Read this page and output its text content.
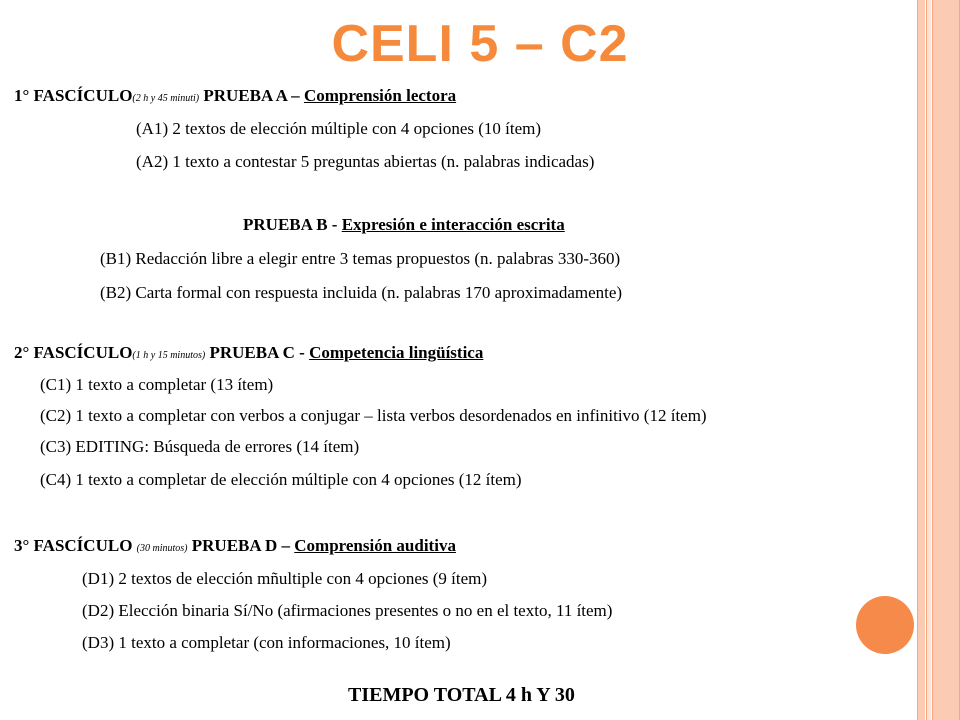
CELI 5 – C2
1° FASCÍCULO(2 h y 45 minuti) PRUEBA A – Comprensión lectora
(A1) 2 textos de elección múltiple con 4 opciones (10 ítem)
(A2) 1 texto a contestar 5 preguntas abiertas (n. palabras indicadas)
PRUEBA B - Expresión e interacción escrita
(B1) Redacción libre a elegir entre 3 temas propuestos (n. palabras 330-360)
(B2) Carta formal con respuesta incluida (n. palabras 170 aproximadamente)
2° FASCÍCULO(1 h y 15 minutos) PRUEBA C - Competencia lingüística
(C1) 1 texto a completar (13 ítem)
(C2) 1 texto a completar con verbos a conjugar – lista verbos desordenados en infinitivo (12 ítem)
(C3) EDITING: Búsqueda de errores (14 ítem)
(C4) 1 texto a completar de elección múltiple con 4 opciones (12 ítem)
3° FASCÍCULO (30 minutos) PRUEBA D – Comprensión auditiva
(D1) 2 textos de elección mñultiple con 4 opciones (9 ítem)
(D2) Elección binaria Sí/No (afirmaciones presentes o no en el texto, 11 ítem)
(D3) 1 texto a completar (con informaciones, 10 ítem)
TIEMPO TOTAL 4 h Y 30
